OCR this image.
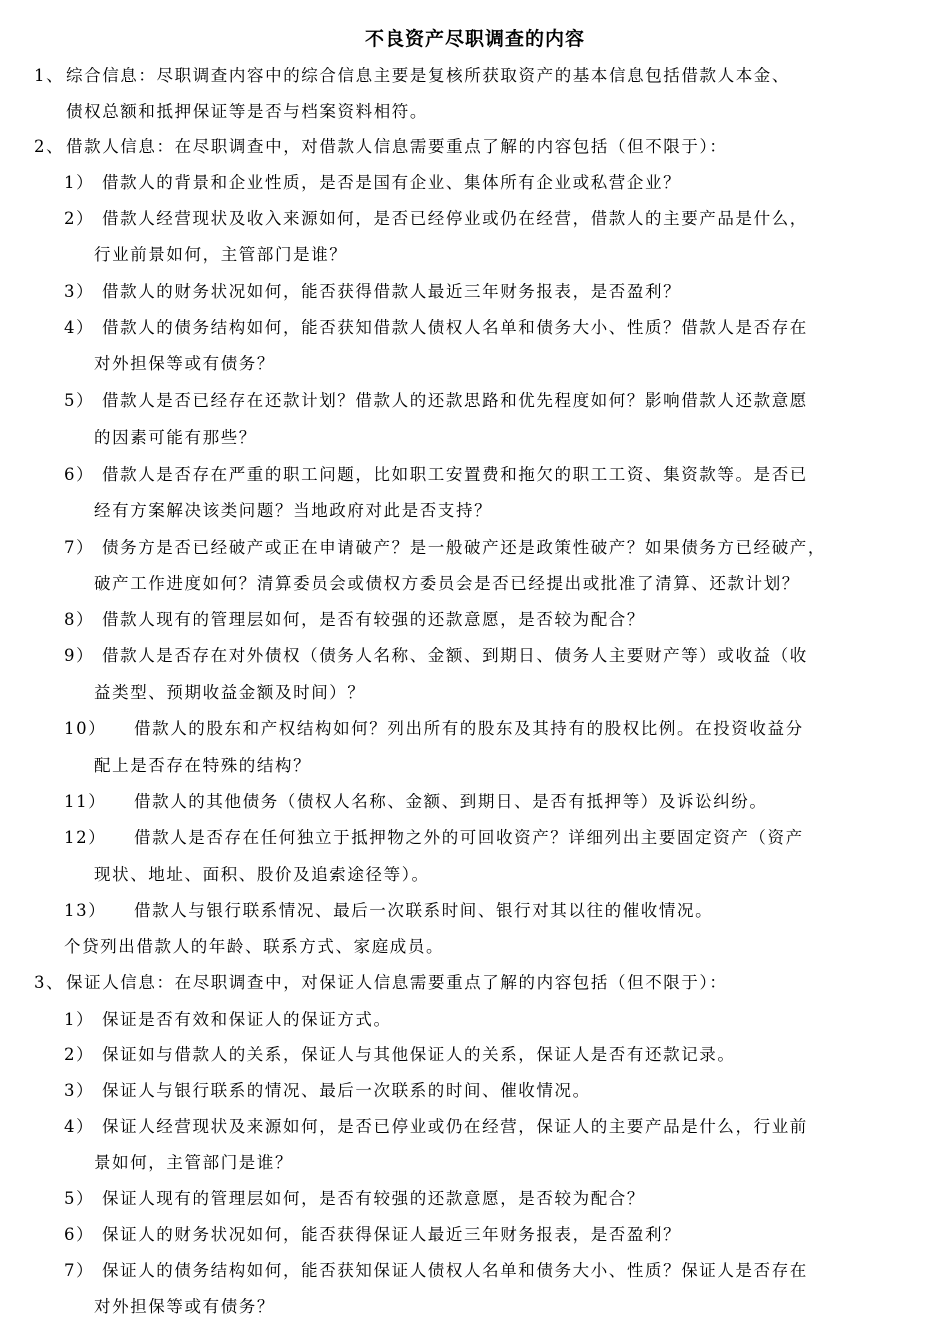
不良资产尽职调查的内容
1、 综合信息：尽职调查内容中的综合信息主要是复核所获取资产的基本信息包括借款人本金、
债权总额和抵押保证等是否与档案资料相符。
2、 借款人信息：在尽职调查中，对借款人信息需要重点了解的内容包括（但不限于）：
1） 借款人的背景和企业性质，是否是国有企业、集体所有企业或私营企业？
2） 借款人经营现状及收入来源如何，是否已经停业或仍在经营，借款人的主要产品是什么，
行业前景如何，主管部门是谁？
3） 借款人的财务状况如何，能否获得借款人最近三年财务报表，是否盈利？
4） 借款人的债务结构如何，能否获知借款人债权人名单和债务大小、性质？借款人是否存在
对外担保等或有债务？
5） 借款人是否已经存在还款计划？借款人的还款思路和优先程度如何？影响借款人还款意愿
的因素可能有那些？
6） 借款人是否存在严重的职工问题，比如职工安置费和拖欠的职工工资、集资款等。是否已
经有方案解决该类问题？当地政府对此是否支持？
7） 债务方是否已经破产或正在申请破产？是一般破产还是政策性破产？如果债务方已经破产，
破产工作进度如何？清算委员会或债权方委员会是否已经提出或批准了清算、还款计划？
8） 借款人现有的管理层如何，是否有较强的还款意愿，是否较为配合？
9） 借款人是否存在对外债权（债务人名称、金额、到期日、债务人主要财产等）或收益（收
益类型、预期收益金额及时间）？
10） 借款人的股东和产权结构如何？列出所有的股东及其持有的股权比例。在投资收益分
配上是否存在特殊的结构？
11） 借款人的其他债务（债权人名称、金额、到期日、是否有抵押等）及诉讼纠纷。
12） 借款人是否存在任何独立于抵押物之外的可回收资产？详细列出主要固定资产（资产
现状、地址、面积、股价及追索途径等）。
13） 借款人与银行联系情况、最后一次联系时间、银行对其以往的催收情况。
个贷列出借款人的年龄、联系方式、家庭成员。
3、 保证人信息：在尽职调查中，对保证人信息需要重点了解的内容包括（但不限于）：
1） 保证是否有效和保证人的保证方式。
2） 保证如与借款人的关系，保证人与其他保证人的关系，保证人是否有还款记录。
3） 保证人与银行联系的情况、最后一次联系的时间、催收情况。
4） 保证人经营现状及来源如何，是否已停业或仍在经营，保证人的主要产品是什么，行业前
景如何，主管部门是谁？
5） 保证人现有的管理层如何，是否有较强的还款意愿，是否较为配合？
6） 保证人的财务状况如何，能否获得保证人最近三年财务报表，是否盈利？
7） 保证人的债务结构如何，能否获知保证人债权人名单和债务大小、性质？保证人是否存在
对外担保等或有债务？
